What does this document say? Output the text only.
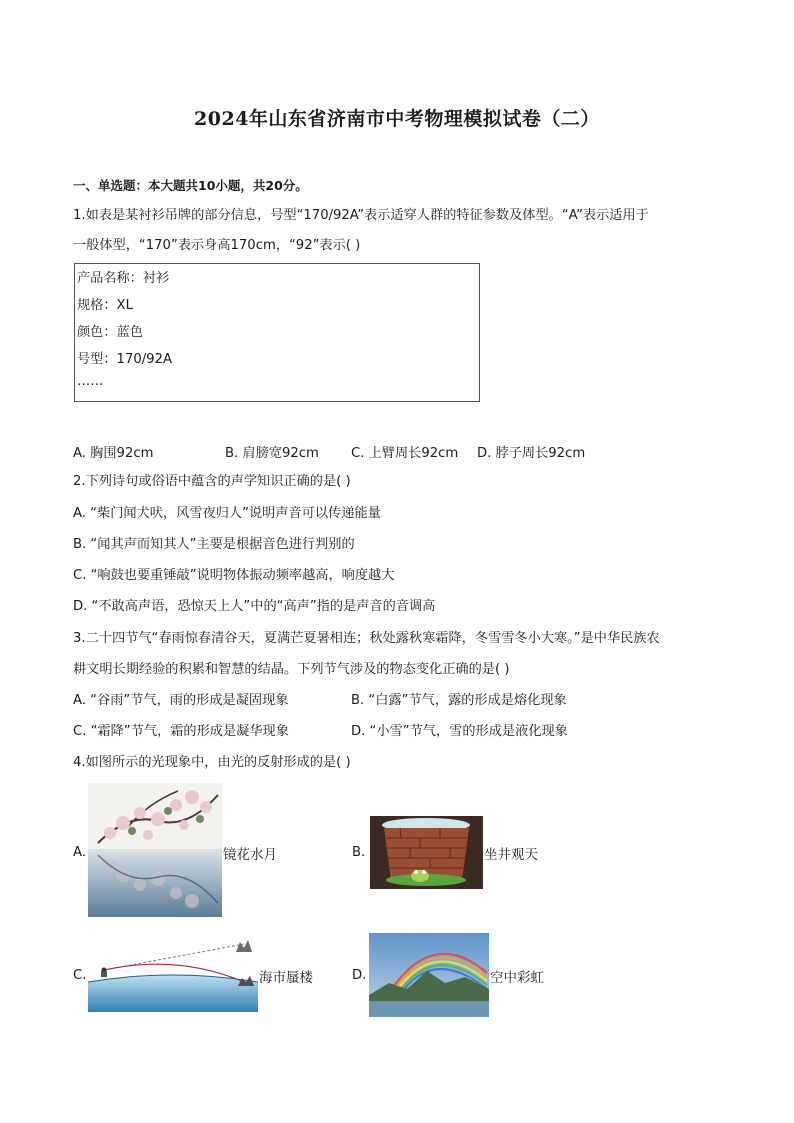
2024年山东省济南市中考物理模拟试卷（二）
一、单选题：本大题共10小题，共20分。
1.如表是某衬衫吊牌的部分信息，号型“170/92A”表示适穿人群的特征参数及体型。“A”表示适用于
一般体型，“170”表示身高170cm，“92”表示( )
产品名称：衬衫
规格：XL
颜色：蓝色
号型：170/92A
……
A. 胸围92cm	B. 肩膀宽92cm C. 上臂周长92cm D. 脖子周长92cm
2.下列诗句或俗语中蕴含的声学知识正确的是( )
A. “柴门闻犬吠，风雪夜归人”说明声音可以传递能量
B. “闻其声而知其人”主要是根据音色进行判别的
C. “响鼓也要重锤敲”说明物体振动频率越高，响度越大
D. “不敢高声语，恐惊天上人”中的“高声”指的是声音的音调高
3.二十四节气“春雨惊春清谷天，夏满芒夏暑相连；秋处露秋寒霜降，冬雪雪冬小大寒。”是中华民族农
耕文明长期经验的积累和智慧的结晶。下列节气涉及的物态变化正确的是( )
A. “谷雨”节气，雨的形成是凝固现象	B. “白露”节气，露的形成是熔化现象
C. “霜降”节气，霜的形成是凝华现象	D. “小雪”节气，雪的形成是液化现象
4.如图所示的光现象中，由光的反射形成的是( )
A.	镜花水月	B.	坐井观天
C.	海市蜃楼	D.	空中彩虹
